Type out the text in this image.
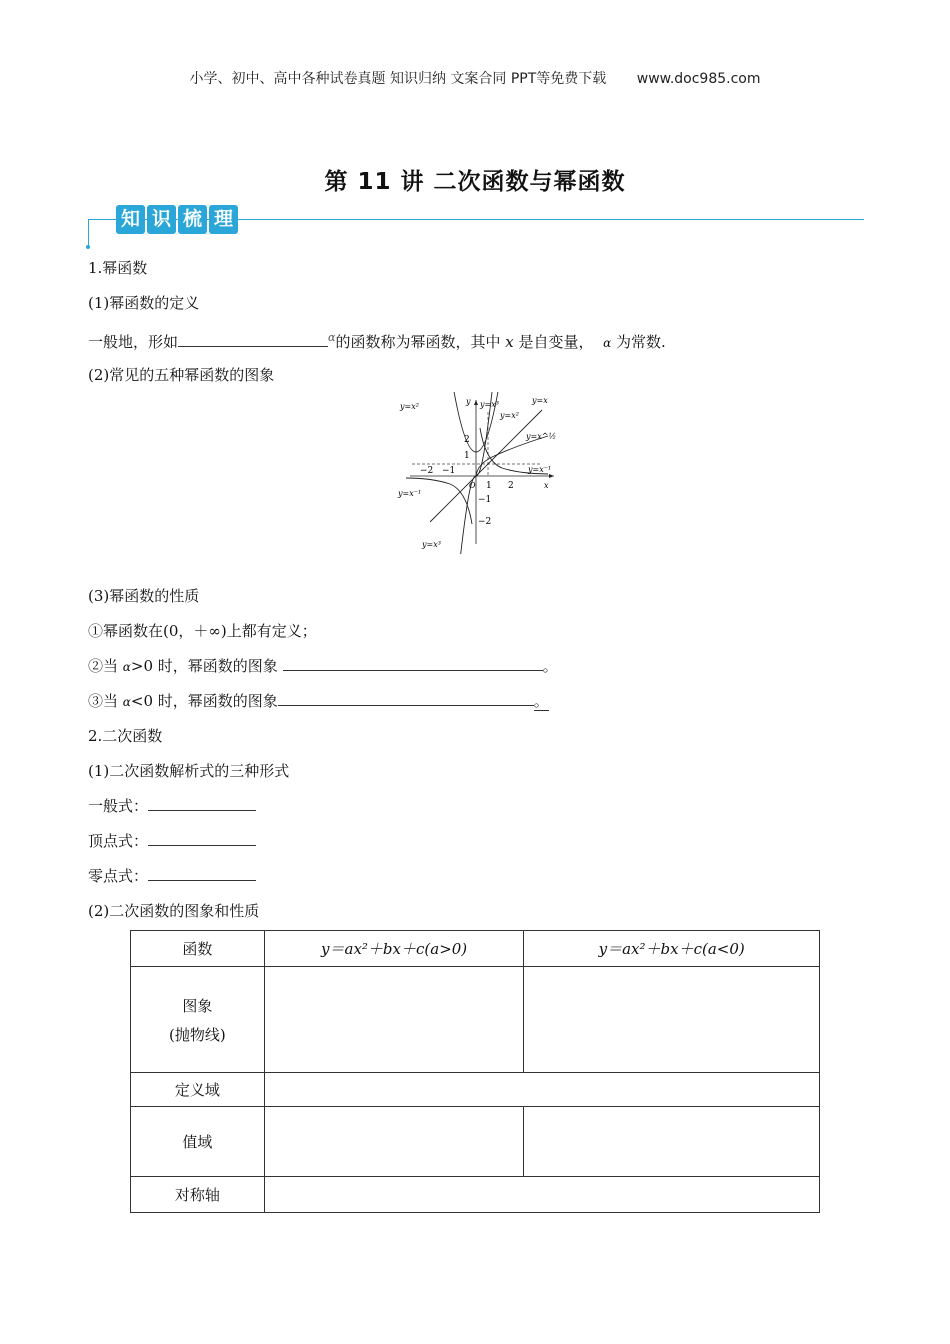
小学、初中、高中各种试卷真题 知识归纳 文案合同 PPT等免费下载 www.doc985.com
第 11 讲 二次函数与幂函数
知 识 梳 理
1.幂函数
(1)幂函数的定义
一般地，形如	$^\alpha$的函数称为幂函数，其中 x 是自变量， α 为常数.
(2)常见的五种幂函数的图象
y=x²	y=x³
y=x²
y=x
y=x^½
y=x⁻¹
y=x⁻¹
y=x³
y
x
O
−2 −1
1 2
2
1
−1
−2
(3)幂函数的性质
①幂函数在(0，＋∞)上都有定义；
②当 α>0 时，幂函数的图象	。
③当 α<0 时，幂函数的图象	。
2.二次函数
(1)二次函数解析式的三种形式
一般式：
顶点式：
零点式：
(2)二次函数的图象和性质
函数	y＝ax²＋bx＋c(a>0)	y＝ax²＋bx＋c(a<0)

图象
(抛物线)		

定义域		
值域		
对称轴		
